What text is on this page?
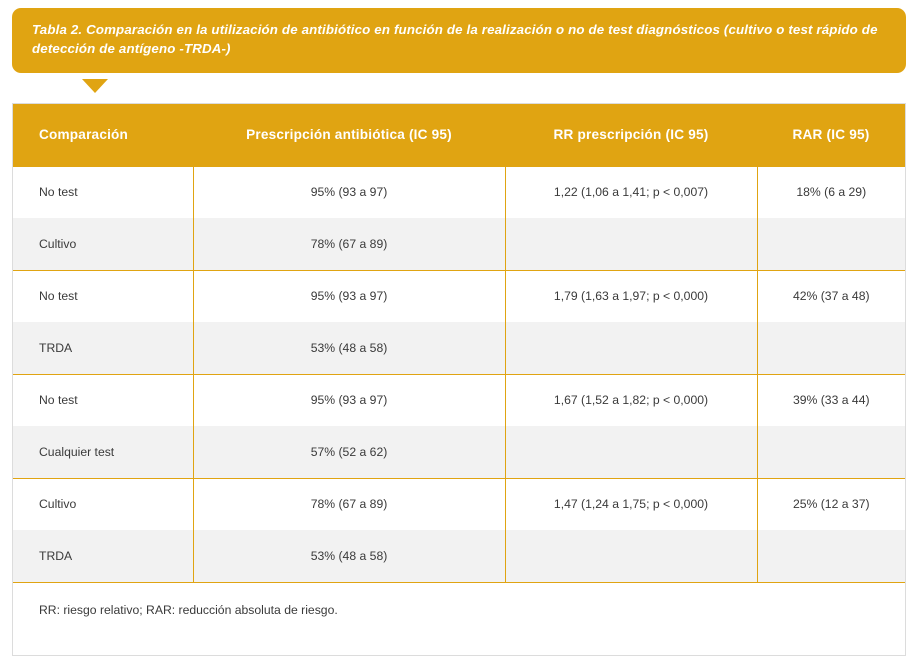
Tabla 2. Comparación en la utilización de antibiótico en función de la realización o no de test diagnósticos (cultivo o test rápido de detección de antígeno -TRDA-)
Comparación	Prescripción antibiótica (IC 95)	RR prescripción (IC 95)	RAR (IC 95)
No test	95% (93 a 97)	1,22 (1,06 a 1,41; p < 0,007)	18% (6 a 29)
Cultivo	78% (67 a 89)		
No test	95% (93 a 97)	1,79 (1,63 a 1,97; p < 0,000)	42% (37 a 48)
TRDA	53% (48 a 58)		
No test	95% (93 a 97)	1,67 (1,52 a 1,82; p < 0,000)	39% (33 a 44)
Cualquier test	57% (52 a 62)		
Cultivo	78% (67 a 89)	1,47 (1,24 a 1,75; p < 0,000)	25% (12 a 37)
TRDA	53% (48 a 58)		
RR: riesgo relativo; RAR: reducción absoluta de riesgo.			
